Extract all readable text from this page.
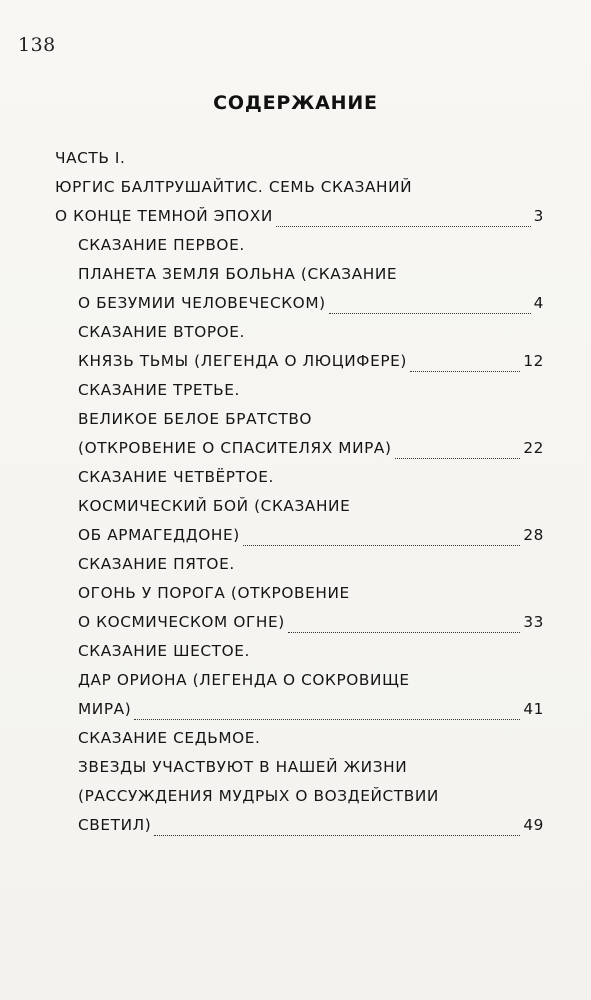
138
СОДЕРЖАНИЕ
ЧАСТЬ I.
ЮРГИС БАЛТРУШАЙТИС. СЕМЬ СКАЗАНИЙ
О КОНЦЕ ТЕМНОЙ ЭПОХИ	3
СКАЗАНИЕ ПЕРВОЕ.
ПЛАНЕТА ЗЕМЛЯ БОЛЬНА (СКАЗАНИЕ
О БЕЗУМИИ ЧЕЛОВЕЧЕСКОМ)	4
СКАЗАНИЕ ВТОРОЕ.
КНЯЗЬ ТЬМЫ (ЛЕГЕНДА О ЛЮЦИФЕРЕ)	12
СКАЗАНИЕ ТРЕТЬЕ.
ВЕЛИКОЕ БЕЛОЕ БРАТСТВО
(ОТКРОВЕНИЕ О СПАСИТЕЛЯХ МИРА)	22
СКАЗАНИЕ ЧЕТВЁРТОЕ.
КОСМИЧЕСКИЙ БОЙ (СКАЗАНИЕ
ОБ АРМАГЕДДОНЕ)	28
СКАЗАНИЕ ПЯТОЕ.
ОГОНЬ У ПОРОГА (ОТКРОВЕНИЕ
О КОСМИЧЕСКОМ ОГНЕ)	33
СКАЗАНИЕ ШЕСТОЕ.
ДАР ОРИОНА (ЛЕГЕНДА О СОКРОВИЩЕ
МИРА)	41
СКАЗАНИЕ СЕДЬМОЕ.
ЗВЕЗДЫ УЧАСТВУЮТ В НАШЕЙ ЖИЗНИ
(РАССУЖДЕНИЯ МУДРЫХ О ВОЗДЕЙСТВИИ
СВЕТИЛ)	49
